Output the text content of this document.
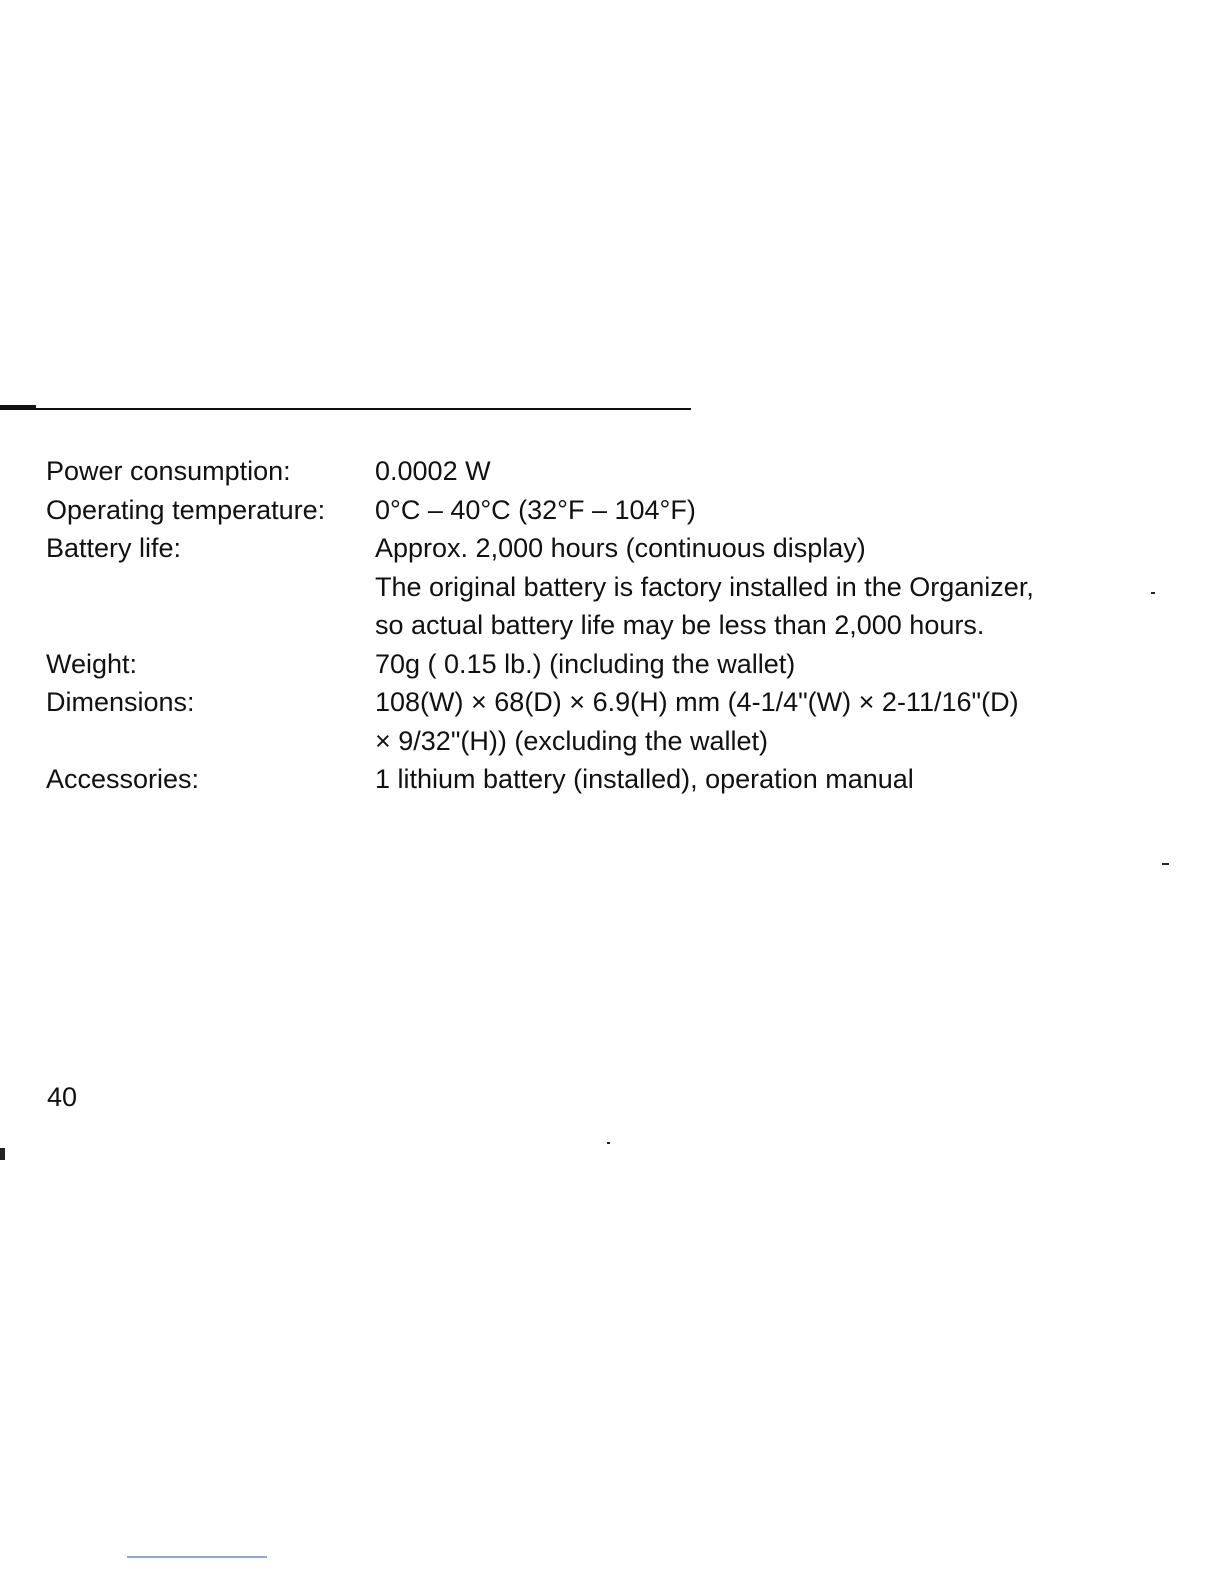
Power consumption:	0.0002 W
Operating temperature:	0°C – 40°C (32°F – 104°F)
Battery life:	Approx. 2,000 hours (continuous display)
The original battery is factory installed in the Organizer,
so actual battery life may be less than 2,000 hours.
Weight:	70g ( 0.15 lb.) (including the wallet)
Dimensions:	108(W) × 68(D) × 6.9(H) mm (4-1/4"(W) × 2-11/16"(D)
× 9/32"(H)) (excluding the wallet)
Accessories:	1 lithium battery (installed), operation manual
40
